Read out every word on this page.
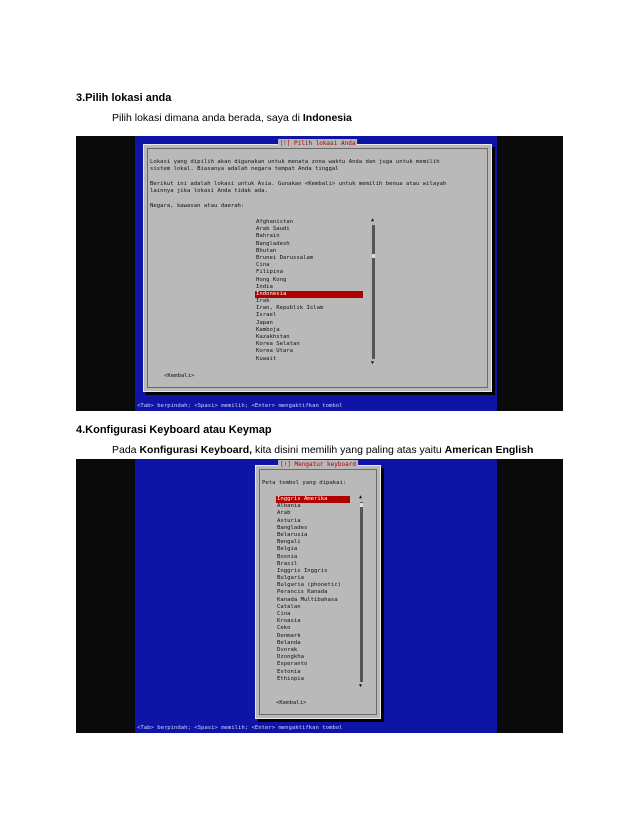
3.Pilih lokasi anda
Pilih lokasi dimana anda berada, saya di Indonesia
[!] Pilih lokasi Anda
Lokasi yang dipilih akan digunakan untuk menata zona waktu Anda dan juga untuk memilih
sistem lokal. Biasanya adalah negara tempat Anda tinggal
Berikut ini adalah lokasi untuk Asia. Gunakan <Kembali> untuk memilih benua atau wilayah
lainnya jika lokasi Anda tidak ada.
Negara, kawasan atau daerah:
Afghanistan
Arab Saudi
Bahrain
Bangladesh
Bhutan
Brunei Darussalam
Cina
Filipina
Hong Kong
India
Indonesia
Irak
Iran, Republik Islam
Israel
Japan
Kamboja
Kazakhstan
Korea Selatan
Korea Utara
Kuwait
▲
▼
<Kembali>
<Tab> berpindah; <Spasi> memilih; <Enter> mengaktifkan tombol
4.Konfigurasi Keyboard atau Keymap
Pada Konfigurasi Keyboard, kita disini memilih yang paling atas yaitu American English
[!] Mengatur keyboard
Peta tombol yang dipakai:
Inggris Amerika
Albania
Arab
Asturia
Banglades
Belarusia
Bengali
Belgia
Bosnia
Brasil
Inggris Inggris
Bulgaria
Bulgaria (phonetic)
Perancis Kanada
Kanada Multibahasa
Catalan
Cina
Kroasia
Ceko
Denmark
Belanda
Dvorak
Dzongkha
Esperanto
Estonia
Ethiopia
▲
▼
<Kembali>
<Tab> berpindah; <Spasi> memilih; <Enter> mengaktifkan tombol
